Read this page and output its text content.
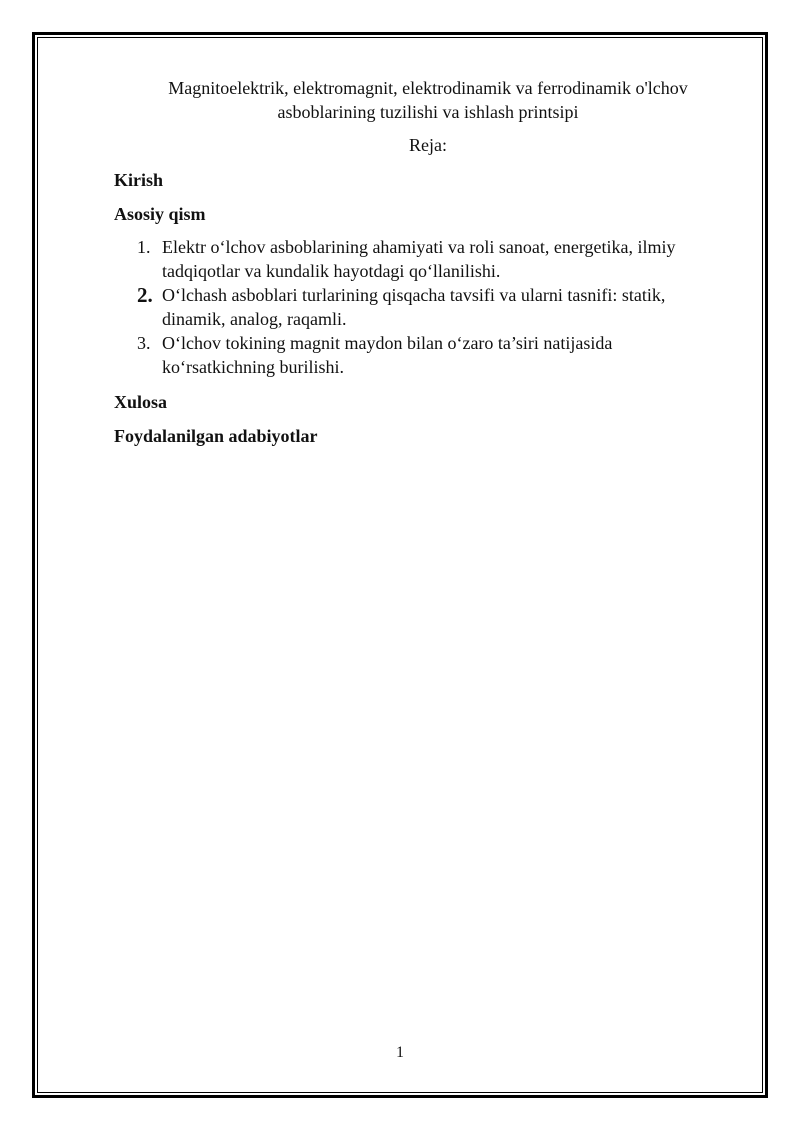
Magnitoelektrik, elektromagnit, elektrodinamik va ferrodinamik o'lchov
asboblarining tuzilishi va ishlash printsipi
Reja:
Kirish
Asosiy qism
1. Elektr o‘lchov asboblarining ahamiyati va roli sanoat, energetika, ilmiy
tadqiqotlar va kundalik hayotdagi qo‘llanilishi.
2. O‘lchash asboblari turlarining qisqacha tavsifi va ularni tasnifi: statik,
dinamik, analog, raqamli.
3. O‘lchov tokining magnit maydon bilan o‘zaro ta’siri natijasida
ko‘rsatkichning burilishi.
Xulosa
Foydalanilgan adabiyotlar
1
